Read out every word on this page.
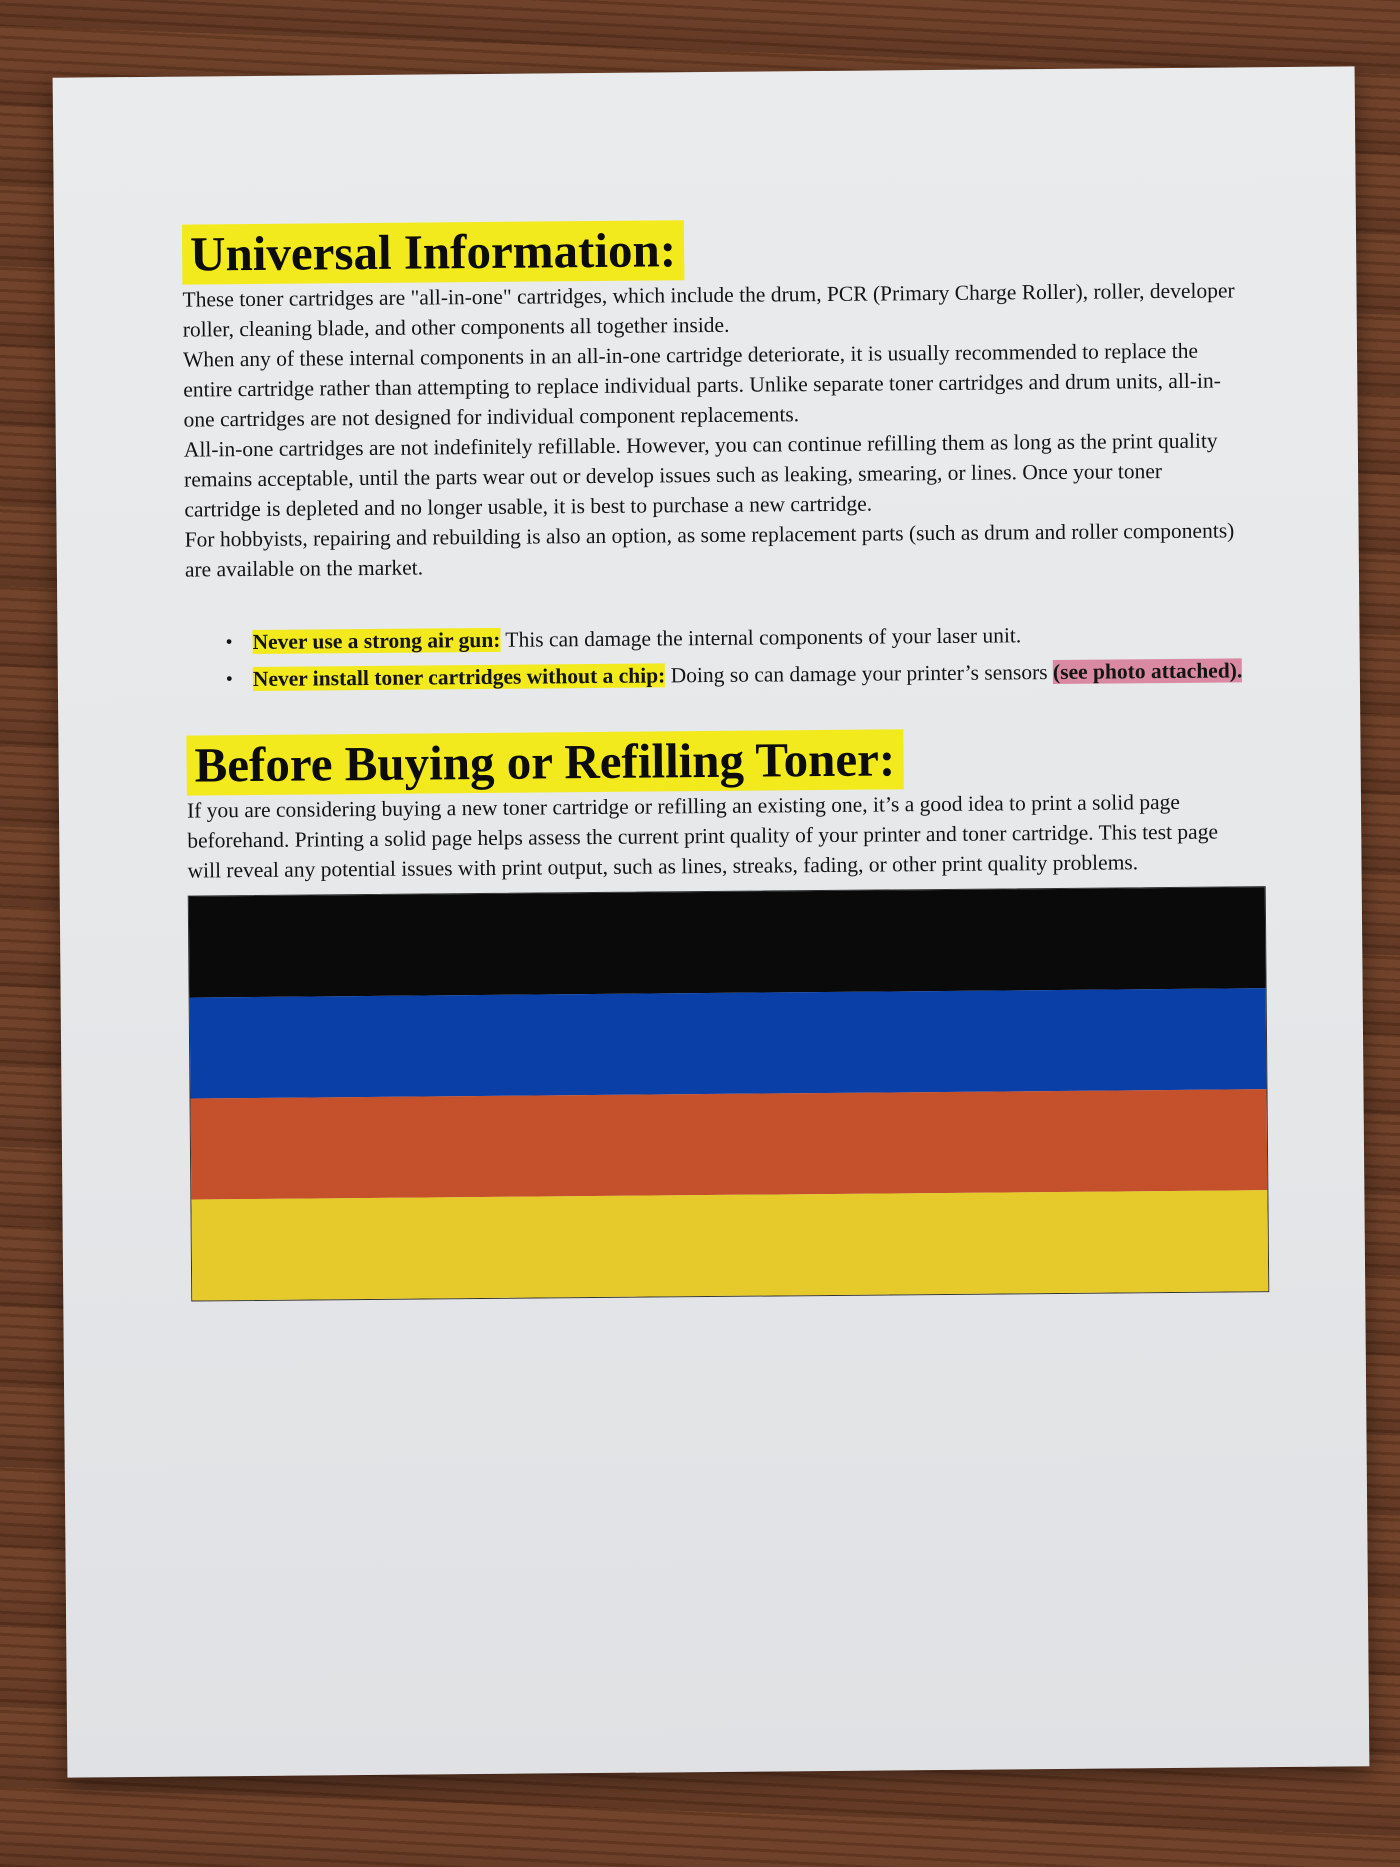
Universal Information:

These toner cartridges are "all-in-one" cartridges, which include the drum, PCR (Primary Charge Roller), roller, developer roller, cleaning blade, and other components all together inside.

When any of these internal components in an all-in-one cartridge deteriorate, it is usually recommended to replace the entire cartridge rather than attempting to replace individual parts. Unlike separate toner cartridges and drum units, all-in-one cartridges are not designed for individual component replacements.

All-in-one cartridges are not indefinitely refillable. However, you can continue refilling them as long as the print quality remains acceptable, until the parts wear out or develop issues such as leaking, smearing, or lines. Once your toner cartridge is depleted and no longer usable, it is best to purchase a new cartridge.

For hobbyists, repairing and rebuilding is also an option, as some replacement parts (such as drum and roller components) are available on the market.

• Never use a strong air gun: This can damage the internal components of your laser unit.
• Never install toner cartridges without a chip: Doing so can damage your printer’s sensors (see photo attached).
Before Buying or Refilling Toner:

If you are considering buying a new toner cartridge or refilling an existing one, it’s a good idea to print a solid page beforehand. Printing a solid page helps assess the current print quality of your printer and toner cartridge. This test page will reveal any potential issues with print output, such as lines, streaks, fading, or other print quality problems.
